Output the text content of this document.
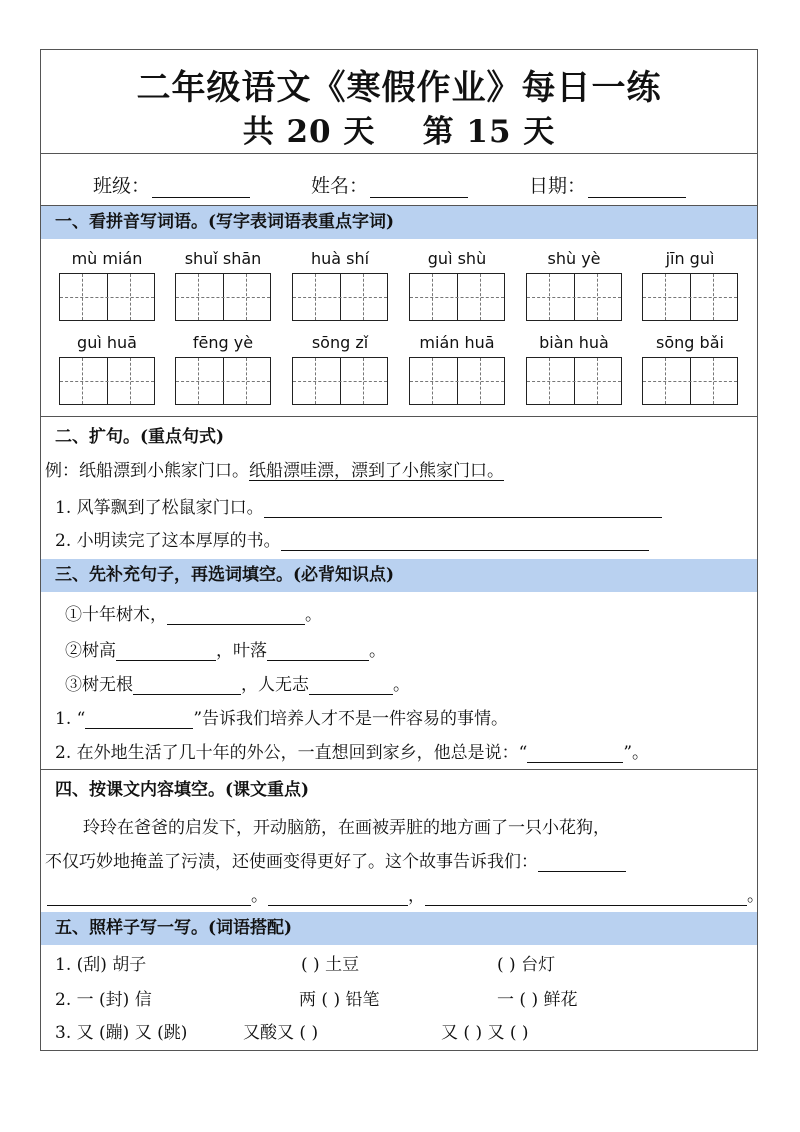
二年级语文《寒假作业》每日一练
共 20 天    第 15 天
班级：	姓名：	日期：
一、看拼音写词语。(写字表词语表重点字词)
mù mián	shuǐ shān	huà shí	guì shù	shù yè	jīn guì
guì huā	fēng yè	sōng zǐ	mián huā	biàn huà	sōng bǎi
二、扩句。(重点句式)
例：纸船漂到小熊家门口。纸船漂哇漂，漂到了小熊家门口。
1. 风筝飘到了松鼠家门口。
2. 小明读完了这本厚厚的书。
三、先补充句子，再选词填空。(必背知识点)
①十年树木，	。
②树高	，叶落	。
③树无根	，人无志	。
1. “	”告诉我们培养人才不是一件容易的事情。
2. 在外地生活了几十年的外公，一直想回到家乡，他总是说：“	”。
四、按课文内容填空。(课文重点)
玲玲在爸爸的启发下，开动脑筋，在画被弄脏的地方画了一只小花狗，
不仅巧妙地掩盖了污渍，还使画变得更好了。这个故事告诉我们：
。	，	。
五、照样子写一写。(词语搭配)
1. (刮) 胡子	( ) 土豆	( ) 台灯
2. 一 (封) 信	两 ( ) 铅笔	一 ( ) 鲜花
3. 又 (蹦) 又 (跳)	又酸又 ( )	又 ( ) 又 ( )
